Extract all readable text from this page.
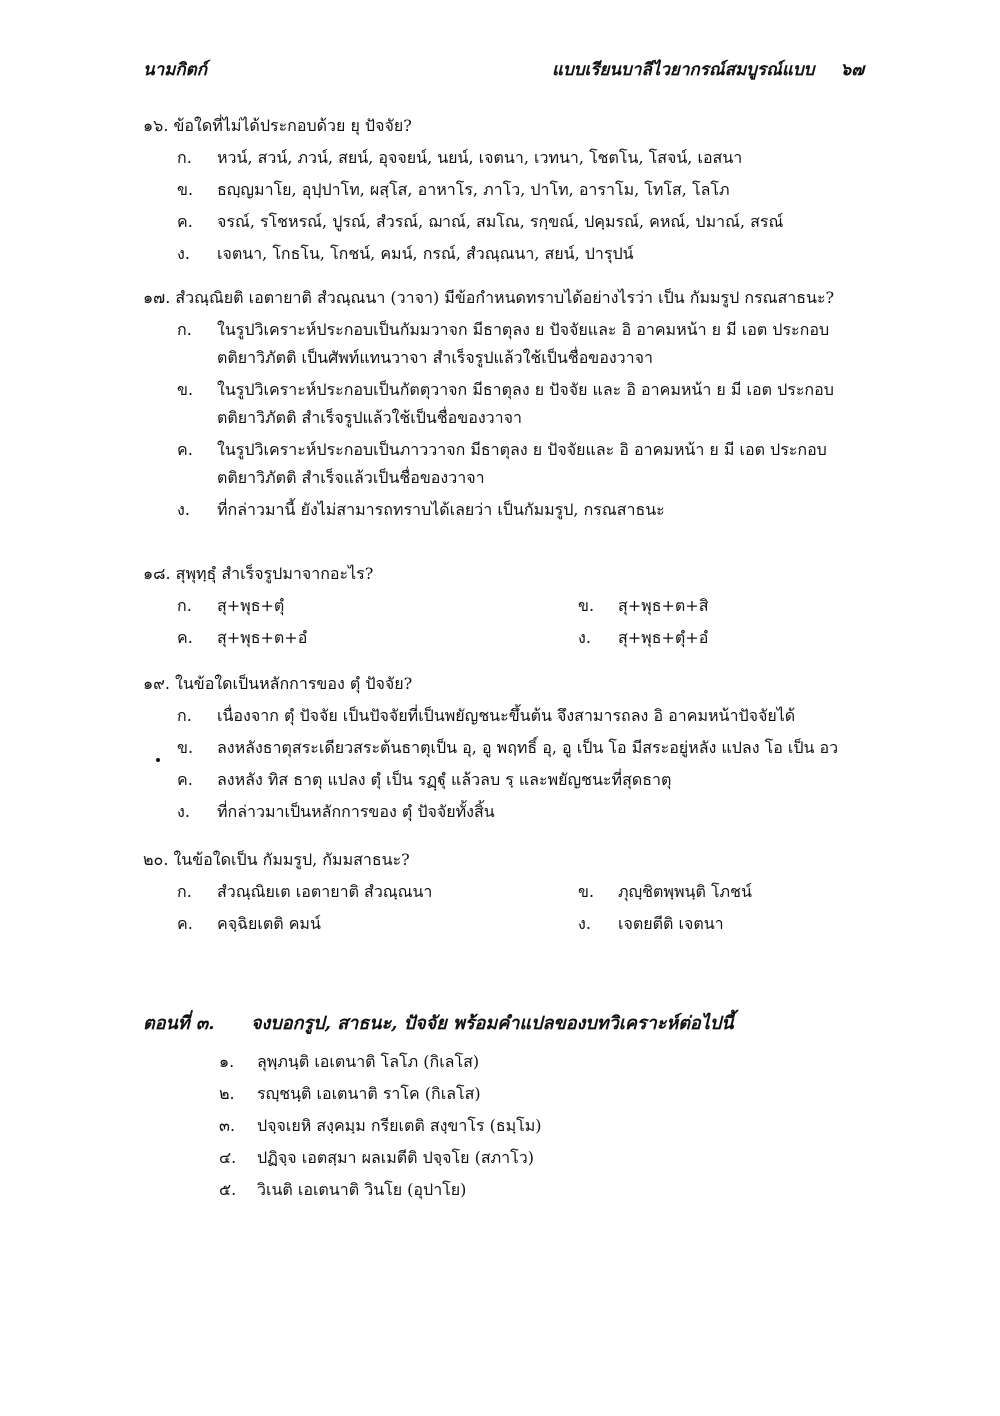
นามกิตก์	แบบเรียนบาลีไวยากรณ์สมบูรณ์แบบ ๖๗
๑๖. ข้อใดที่ไม่ได้ประกอบด้วย ยุ ปัจจัย?
ก.	หวน์, สวน์, ภวน์, สยน์, อุจจยน์, นยน์, เจตนา, เวทนา, โชตโน, โสจน์, เอสนา
ข.	ธญฺญมาโย, อุปฺปาโท, ผสฺโส, อาหาโร, ภาโว, ปาโท, อาราโม, โทโส, โลโภ
ค.	จรณ์, รโชหรณ์, ปูรณ์, สํวรณ์, ฌาณ์, สมโณ, รกฺขณ์, ปคฺมรณ์, คหณ์, ปมาณ์, สรณ์
ง.	เจตนา, โกธโน, โกชน์, คมน์, กรณ์, สํวณฺณนา, สยน์, ปารุปน์
๑๗. สํวณฺณิยติ เอตายาติ สํวณฺณนา (วาจา) มีข้อกำหนดทราบได้อย่างไรว่า เป็น กัมมรูป กรณสาธนะ?
ก.	ในรูปวิเคราะห์ประกอบเป็นกัมมวาจก มีธาตุลง ย ปัจจัยและ อิ อาคมหน้า ย มี เอต ประกอบ
ตติยาวิภัตติ เป็นศัพท์แทนวาจา สำเร็จรูปแล้วใช้เป็นชื่อของวาจา
ข.	ในรูปวิเคราะห์ประกอบเป็นกัตตุวาจก มีธาตุลง ย ปัจจัย และ อิ อาคมหน้า ย มี เอต ประกอบ
ตติยาวิภัตติ สำเร็จรูปแล้วใช้เป็นชื่อของวาจา
ค.	ในรูปวิเคราะห์ประกอบเป็นภาววาจก มีธาตุลง ย ปัจจัยและ อิ อาคมหน้า ย มี เอต ประกอบ
ตติยาวิภัตติ สำเร็จแล้วเป็นชื่อของวาจา
ง.	ที่กล่าวมานี้ ยังไม่สามารถทราบได้เลยว่า เป็นกัมมรูป, กรณสาธนะ
๑๘. สุพุทฺธุํ สำเร็จรูปมาจากอะไร?
ก.	สุ+พุธ+ตุํ	ข.	สุ+พุธ+ต+สิ
ค.	สุ+พุธ+ต+อํ	ง.	สุ+พุธ+ตุํ+อํ
๑๙. ในข้อใดเป็นหลักการของ ตุํ ปัจจัย?
ก.	เนื่องจาก ตุํ ปัจจัย เป็นปัจจัยที่เป็นพยัญชนะขึ้นต้น จึงสามารถลง อิ อาคมหน้าปัจจัยได้
ข.	ลงหลังธาตุสระเดียวสระต้นธาตุเป็น อุ, อู พฤทธิ์ อุ, อู เป็น โอ มีสระอยู่หลัง แปลง โอ เป็น อว
ค.	ลงหลัง ทิส ธาตุ แปลง ตุํ เป็น รฏฺฐุํ แล้วลบ รฺ และพยัญชนะที่สุดธาตุ
ง.	ที่กล่าวมาเป็นหลักการของ ตุํ ปัจจัยทั้งสิ้น
๒๐. ในข้อใดเป็น กัมมรูป, กัมมสาธนะ?
ก.	สํวณฺณิยเต เอตายาติ สํวณฺณนา	ข.	ภุญฺชิตพฺพนฺติ โภชน์
ค.	คจฺฉิยเตติ คมน์	ง.	เจตยตีติ เจตนา
ตอนที่ ๓. จงบอกรูป, สาธนะ, ปัจจัย พร้อมคำแปลของบทวิเคราะห์ต่อไปนี้
๑.	ลุพฺภนฺติ เอเตนาติ โลโภ (กิเลโส)
๒.	รญฺชนฺติ เอเตนาติ ราโค (กิเลโส)
๓.	ปจฺจเยหิ สงฺคมฺม กรียเตติ สงฺขาโร (ธมฺโม)
๔.	ปฏิจฺจ เอตสฺมา ผลเมตีติ ปจฺจโย (สภาโว)
๕.	วิเนติ เอเตนาติ วินโย (อุปาโย)
